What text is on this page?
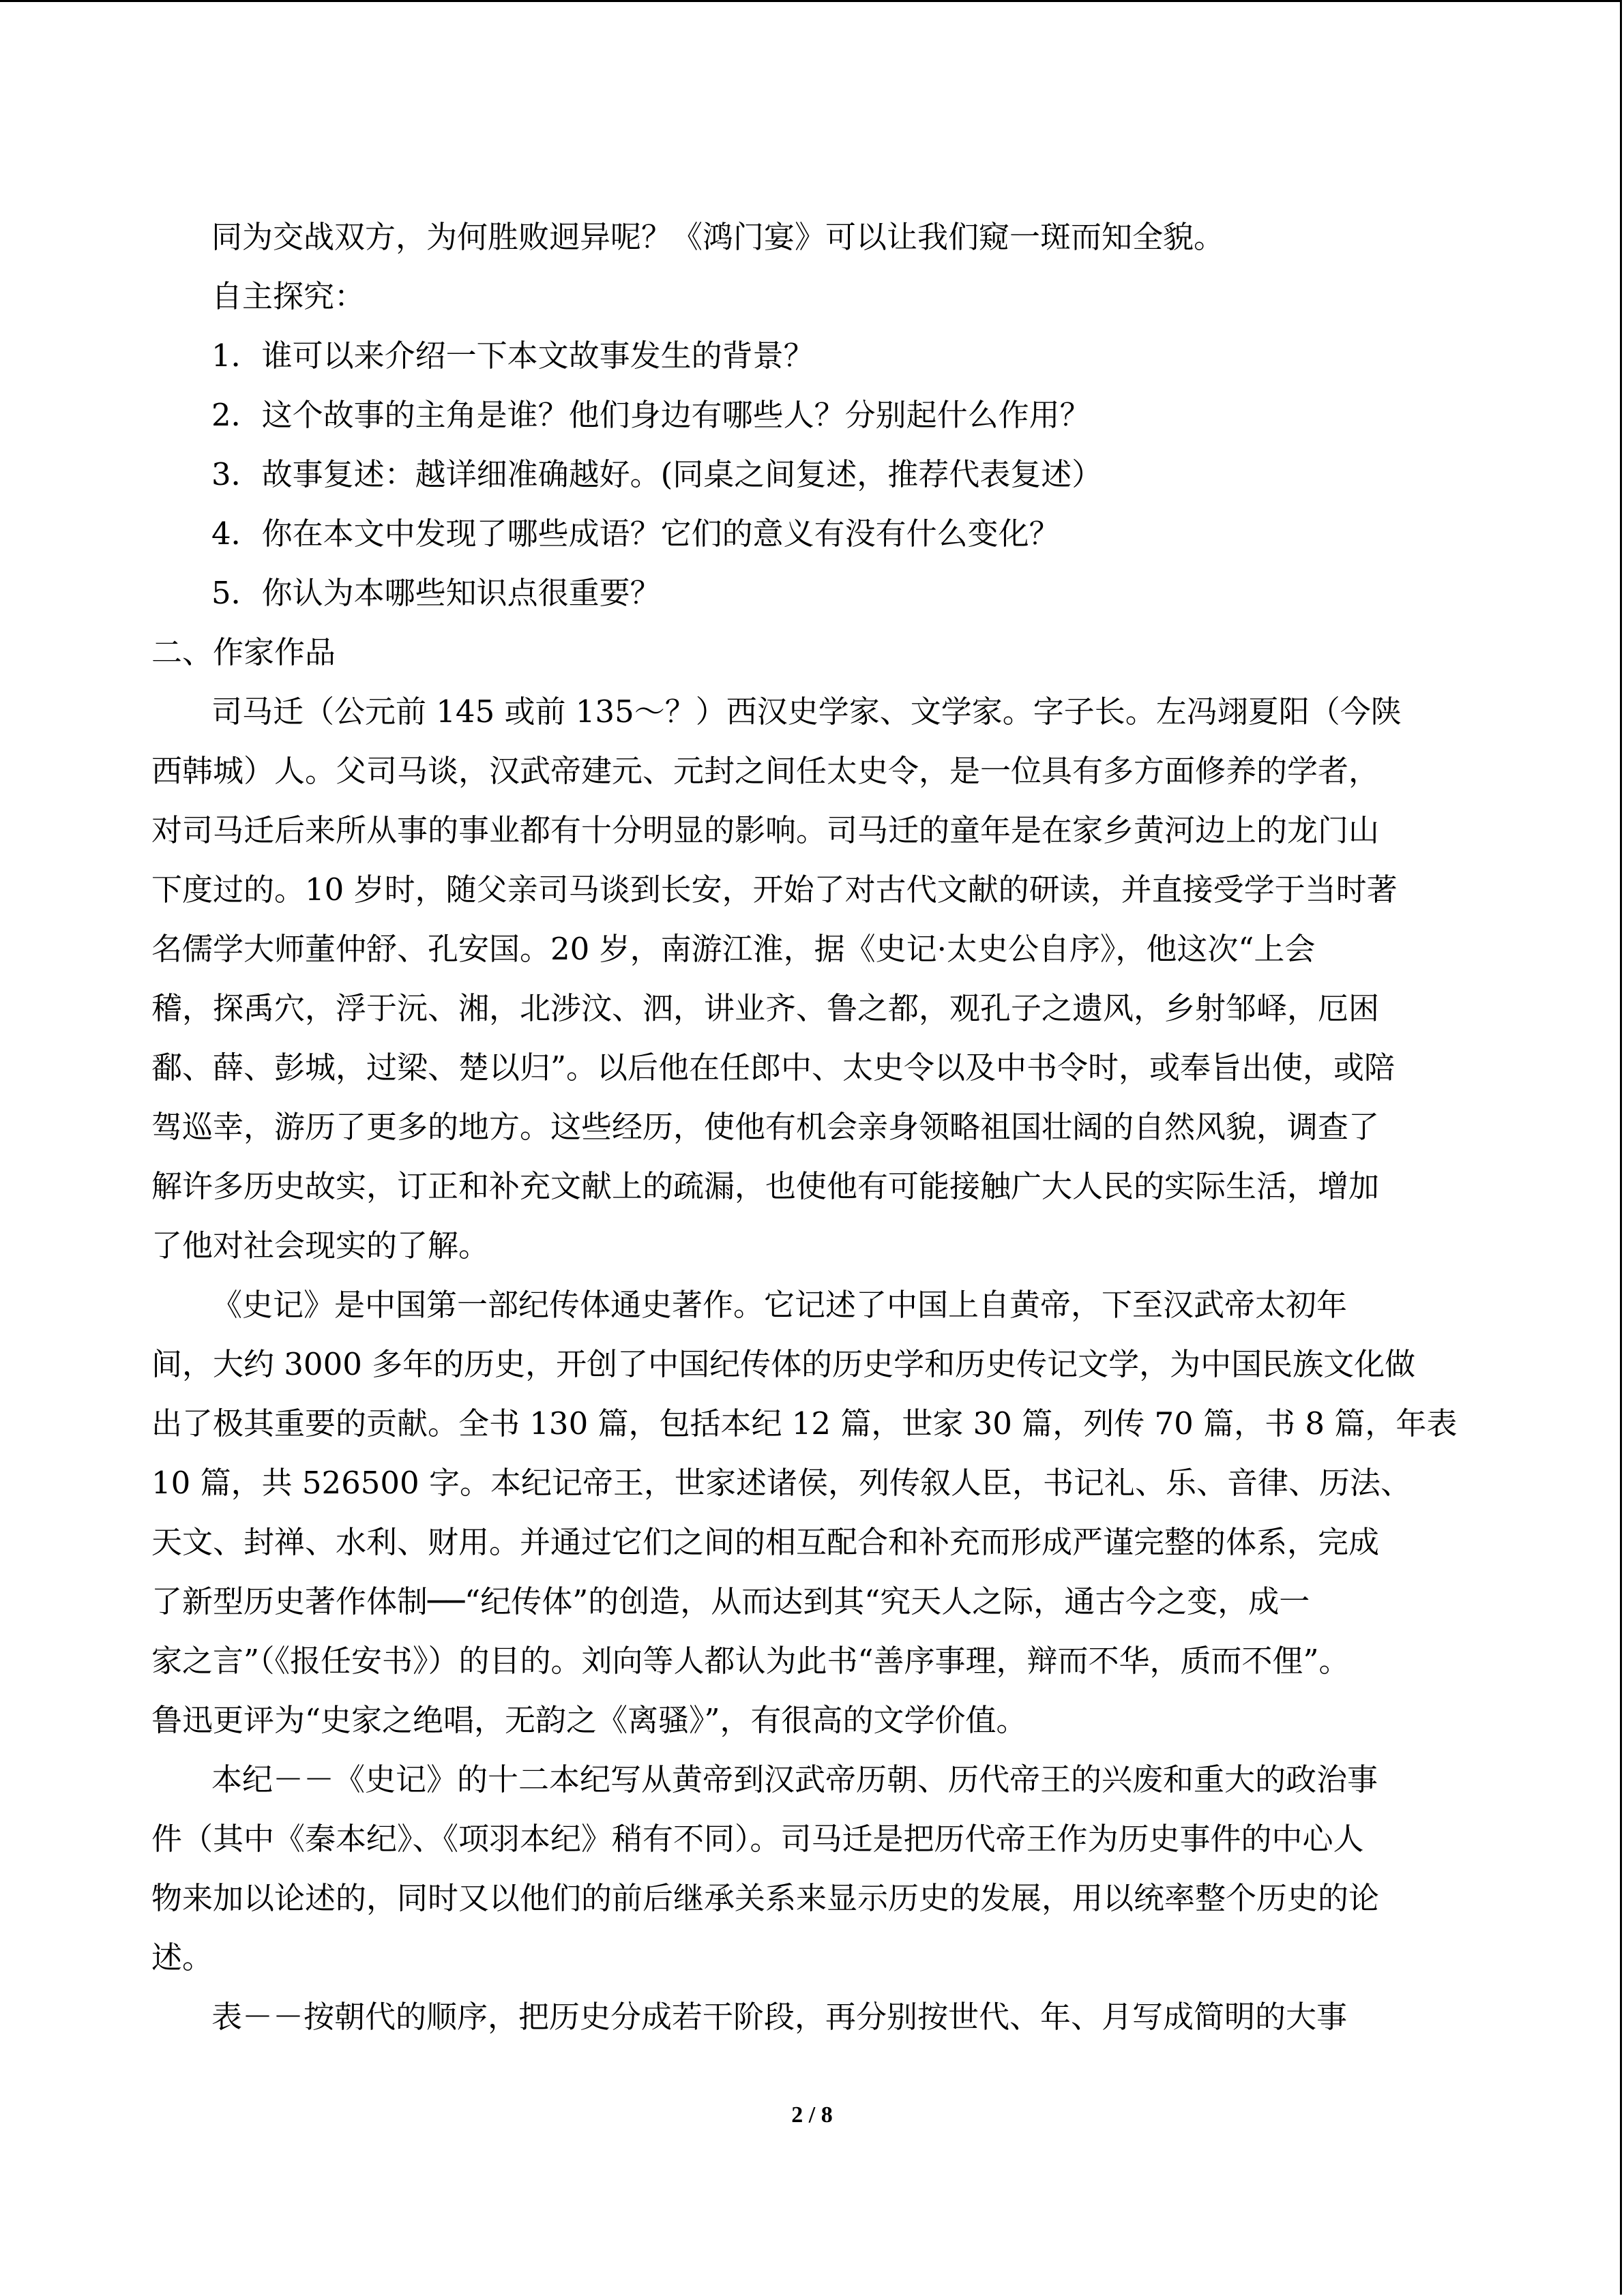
同为交战双方，为何胜败迥异呢？《鸿门宴》可以让我们窥一斑而知全貌。
自主探究：
1．谁可以来介绍一下本文故事发生的背景？
2．这个故事的主角是谁？他们身边有哪些人？分别起什么作用？
3．故事复述：越详细准确越好。(同桌之间复述，推荐代表复述）
4．你在本文中发现了哪些成语？它们的意义有没有什么变化？
5．你认为本哪些知识点很重要？
二、作家作品
司马迁（公元前 145 或前 135～？）西汉史学家、文学家。字子长。左冯翊夏阳（今陕
西韩城）人。父司马谈，汉武帝建元、元封之间任太史令，是一位具有多方面修养的学者，
对司马迁后来所从事的事业都有十分明显的影响。司马迁的童年是在家乡黄河边上的龙门山
下度过的。10 岁时，随父亲司马谈到长安，开始了对古代文献的研读，并直接受学于当时著
名儒学大师董仲舒、孔安国。20 岁，南游江淮，据《史记·太史公自序》，他这次“上会
稽，探禹穴，浮于沅、湘，北涉汶、泗，讲业齐、鲁之都，观孔子之遗风，乡射邹峄，厄困
鄱、薛、彭城，过梁、楚以归”。以后他在任郎中、太史令以及中书令时，或奉旨出使，或陪
驾巡幸，游历了更多的地方。这些经历，使他有机会亲身领略祖国壮阔的自然风貌，调查了
解许多历史故实，订正和补充文献上的疏漏，也使他有可能接触广大人民的实际生活，增加
了他对社会现实的了解。
《史记》是中国第一部纪传体通史著作。它记述了中国上自黄帝，下至汉武帝太初年
间，大约 3000 多年的历史，开创了中国纪传体的历史学和历史传记文学，为中国民族文化做
出了极其重要的贡献。全书 130 篇，包括本纪 12 篇，世家 30 篇，列传 70 篇，书 8 篇，年表
10 篇，共 526500 字。本纪记帝王，世家述诸侯，列传叙人臣，书记礼、乐、音律、历法、
天文、封禅、水利、财用。并通过它们之间的相互配合和补充而形成严谨完整的体系，完成
了新型历史著作体制──“纪传体”的创造，从而达到其“究天人之际，通古今之变，成一
家之言”（《报任安书》）的目的。刘向等人都认为此书“善序事理，辩而不华，质而不俚”。
鲁迅更评为“史家之绝唱，无韵之《离骚》”，有很高的文学价值。
本纪－－《史记》的十二本纪写从黄帝到汉武帝历朝、历代帝王的兴废和重大的政治事
件（其中《秦本纪》、《项羽本纪》稍有不同）。司马迁是把历代帝王作为历史事件的中心人
物来加以论述的，同时又以他们的前后继承关系来显示历史的发展，用以统率整个历史的论
述。
表－－按朝代的顺序，把历史分成若干阶段，再分别按世代、年、月写成简明的大事
2 / 8
